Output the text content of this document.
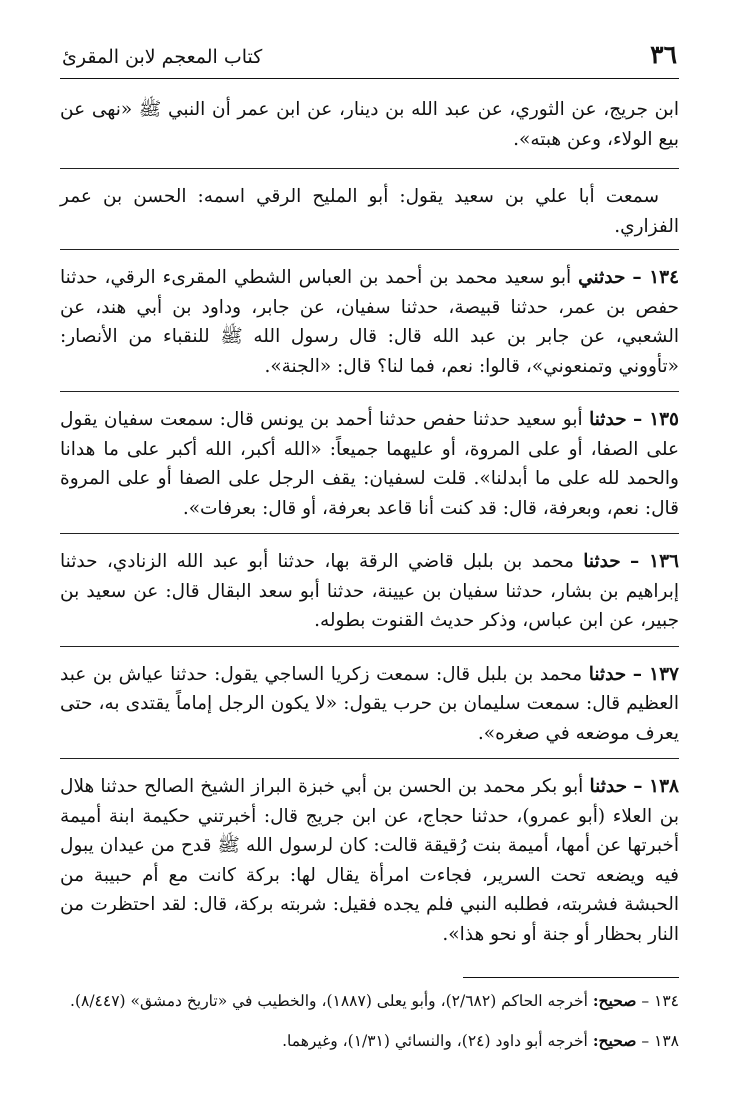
٣٦
كتاب المعجم لابن المقرئ

ابن جريج، عن الثوري، عن عبد الله بن دينار، عن ابن عمر أن النبي ﷺ «نهى عن بيع الولاء، وعن هبته».

سمعت أبا علي بن سعيد يقول: أبو المليح الرقي اسمه: الحسن بن عمر الفزاري.

١٣٤ – حدثني أبو سعيد محمد بن أحمد بن العباس الشطي المقرىء الرقي، حدثنا حفص بن عمر، حدثنا قبيصة، حدثنا سفيان، عن جابر، وداود بن أبي هند، عن الشعبي، عن جابر بن عبد الله قال: قال رسول الله ﷺ للنقباء من الأنصار: «تأووني وتمنعوني»، قالوا: نعم، فما لنا؟ قال: «الجنة».

١٣٥ – حدثنا أبو سعيد حدثنا حفص حدثنا أحمد بن يونس قال: سمعت سفيان يقول على الصفا، أو على المروة، أو عليهما جميعاً: «الله أكبر، الله أكبر على ما هدانا والحمد لله على ما أبدلنا». قلت لسفيان: يقف الرجل على الصفا أو على المروة قال: نعم، وبعرفة، قال: قد كنت أنا قاعد بعرفة، أو قال: بعرفات».

١٣٦ – حدثنا محمد بن بلبل قاضي الرقة بها، حدثنا أبو عبد الله الزنادي، حدثنا إبراهيم بن بشار، حدثنا سفيان بن عيينة، حدثنا أبو سعد البقال قال: عن سعيد بن جبير، عن ابن عباس، وذكر حديث القنوت بطوله.

١٣٧ – حدثنا محمد بن بلبل قال: سمعت زكريا الساجي يقول: حدثنا عياش بن عبد العظيم قال: سمعت سليمان بن حرب يقول: «لا يكون الرجل إماماً يقتدى به، حتى يعرف موضعه في صغره».

١٣٨ – حدثنا أبو بكر محمد بن الحسن بن أبي خبزة البراز الشيخ الصالح حدثنا هلال بن العلاء (أبو عمرو)، حدثنا حجاج، عن ابن جريج قال: أخبرتني حكيمة ابنة أميمة أخبرتها عن أمها، أميمة بنت رُقيقة قالت: كان لرسول الله ﷺ قدح من عيدان يبول فيه ويضعه تحت السرير، فجاءت امرأة يقال لها: بركة كانت مع أم حبيبة من الحبشة فشربته، فطلبه النبي فلم يجده فقيل: شربته بركة، قال: لقد احتظرت من النار بحظار أو جنة أو نحو هذا».

١٣٤ – صحيح: أخرجه الحاكم (٢/٦٨٢)، وأبو يعلى (١٨٨٧)، والخطيب في «تاريخ دمشق» (٨/٤٤٧).

١٣٨ – صحيح: أخرجه أبو داود (٢٤)، والنسائي (١/٣١)، وغيرهما.
